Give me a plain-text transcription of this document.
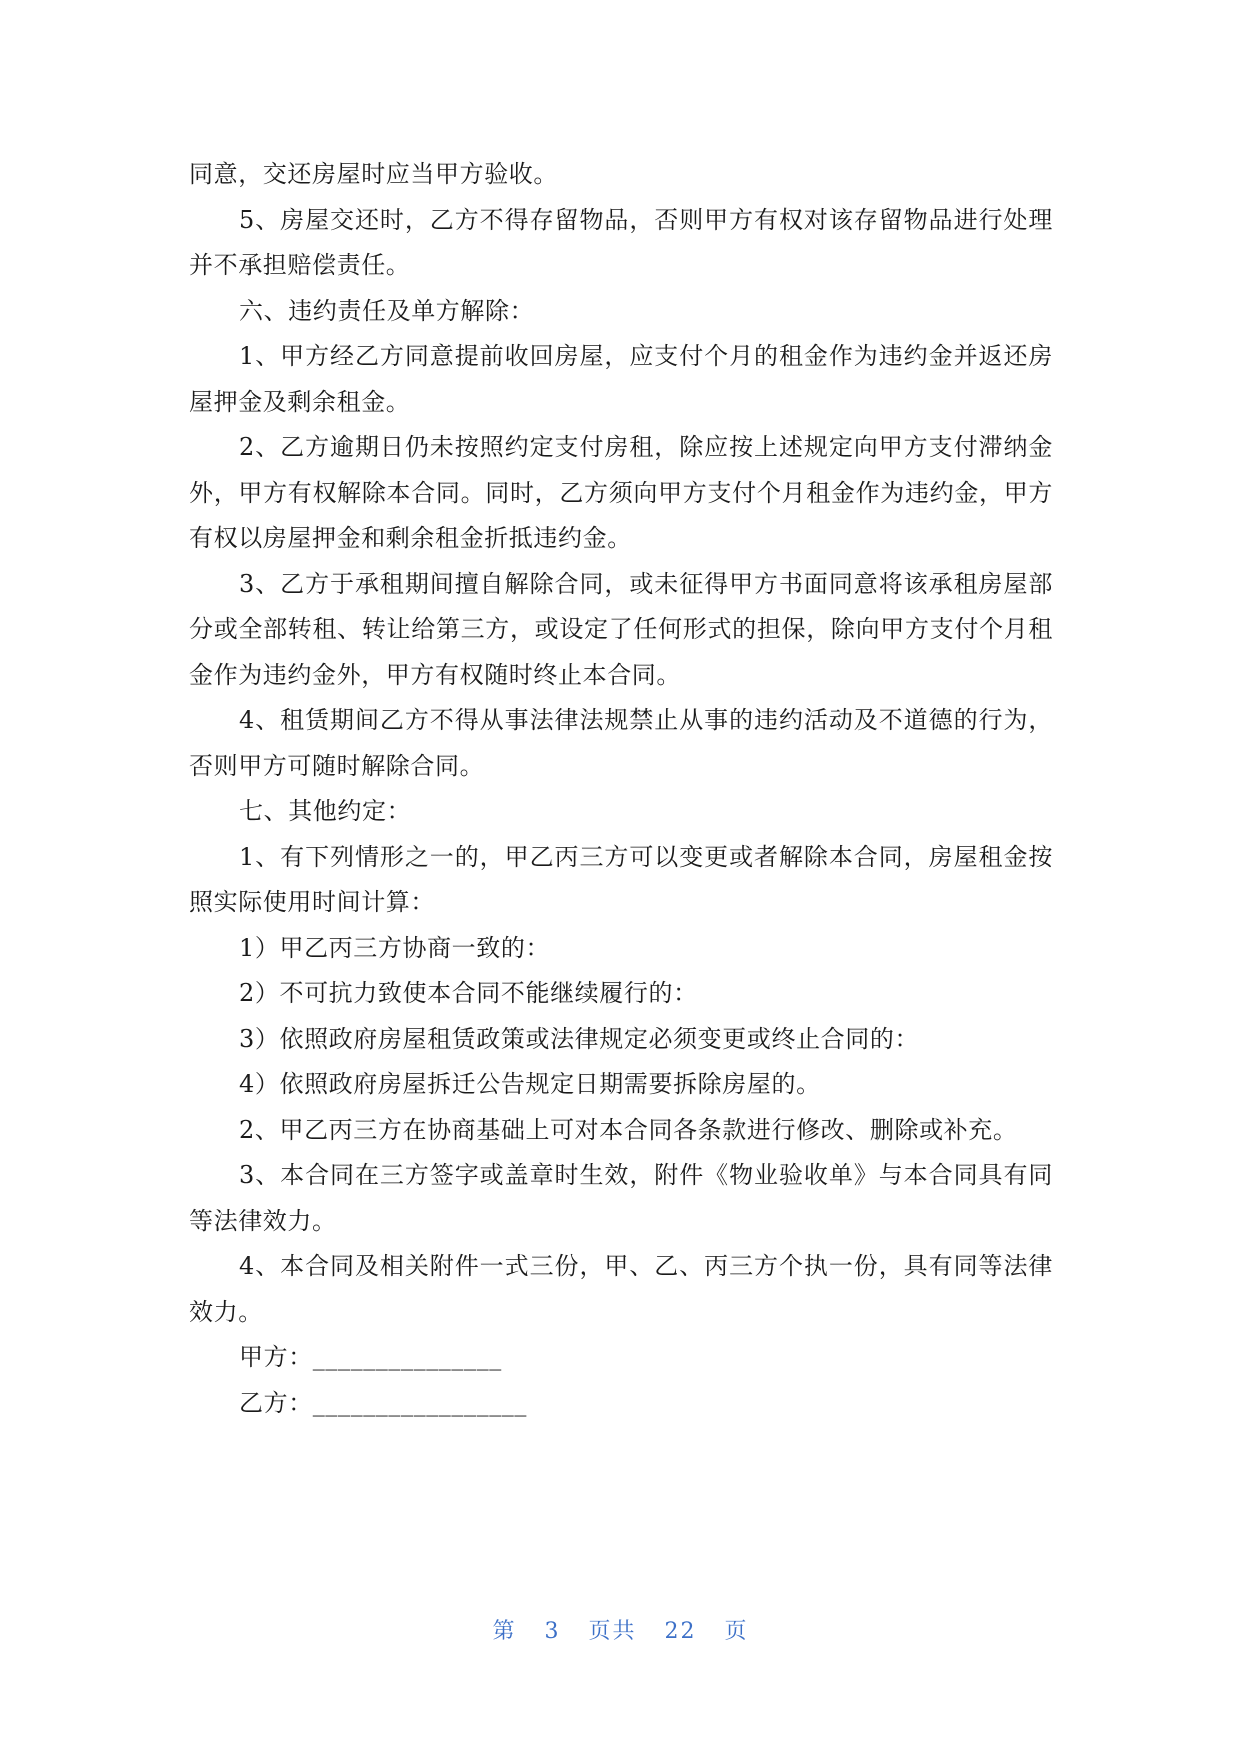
同意，交还房屋时应当甲方验收。

5、房屋交还时，乙方不得存留物品，否则甲方有权对该存留物品进行处理并不承担赔偿责任。

六、违约责任及单方解除：

1、甲方经乙方同意提前收回房屋，应支付个月的租金作为违约金并返还房屋押金及剩余租金。

2、乙方逾期日仍未按照约定支付房租，除应按上述规定向甲方支付滞纳金外，甲方有权解除本合同。同时，乙方须向甲方支付个月租金作为违约金，甲方有权以房屋押金和剩余租金折抵违约金。

3、乙方于承租期间擅自解除合同，或未征得甲方书面同意将该承租房屋部分或全部转租、转让给第三方，或设定了任何形式的担保，除向甲方支付个月租金作为违约金外，甲方有权随时终止本合同。

4、租赁期间乙方不得从事法律法规禁止从事的违约活动及不道德的行为，否则甲方可随时解除合同。

七、其他约定：

1、有下列情形之一的，甲乙丙三方可以变更或者解除本合同，房屋租金按照实际使用时间计算：

1）甲乙丙三方协商一致的：

2）不可抗力致使本合同不能继续履行的：

3）依照政府房屋租赁政策或法律规定必须变更或终止合同的：

4）依照政府房屋拆迁公告规定日期需要拆除房屋的。

2、甲乙丙三方在协商基础上可对本合同各条款进行修改、删除或补充。

3、本合同在三方签字或盖章时生效，附件《物业验收单》与本合同具有同等法律效力。

4、本合同及相关附件一式三份，甲、乙、丙三方个执一份，具有同等法律效力。

甲方：_______________

乙方：_________________

第 3 页共 22 页
